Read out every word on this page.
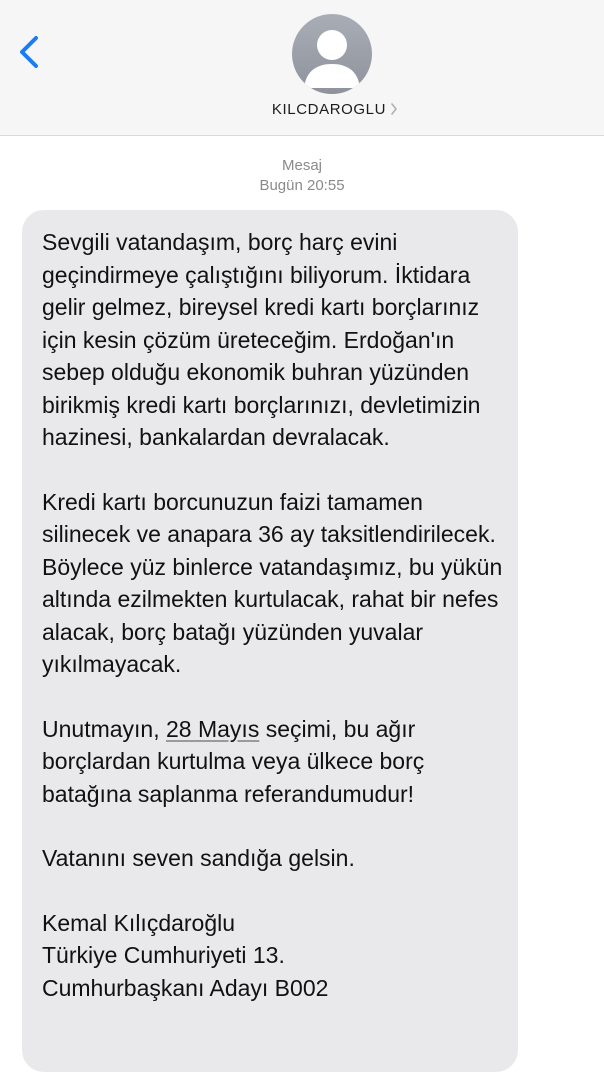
KILCDAROGLU
Mesaj
Bugün 20:55

Sevgili vatandaşım, borç harç evini geçindirmeye çalıştığını biliyorum. İktidara gelir gelmez, bireysel kredi kartı borçlarınız için kesin çözüm üreteceğim. Erdoğan'ın sebep olduğu ekonomik buhran yüzünden birikmiş kredi kartı borçlarınızı, devletimizin hazinesi, bankalardan devralacak.

Kredi kartı borcunuzun faizi tamamen silinecek ve anapara 36 ay taksitlendirilecek. Böylece yüz binlerce vatandaşımız, bu yükün altında ezilmekten kurtulacak, rahat bir nefes alacak, borç batağı yüzünden yuvalar yıkılmayacak.

Unutmayın, 28 Mayıs seçimi, bu ağır borçlardan kurtulma veya ülkece borç batağına saplanma referandumudur!

Vatanını seven sandığa gelsin.

Kemal Kılıçdaroğlu
Türkiye Cumhuriyeti 13.
Cumhurbaşkanı Adayı B002
